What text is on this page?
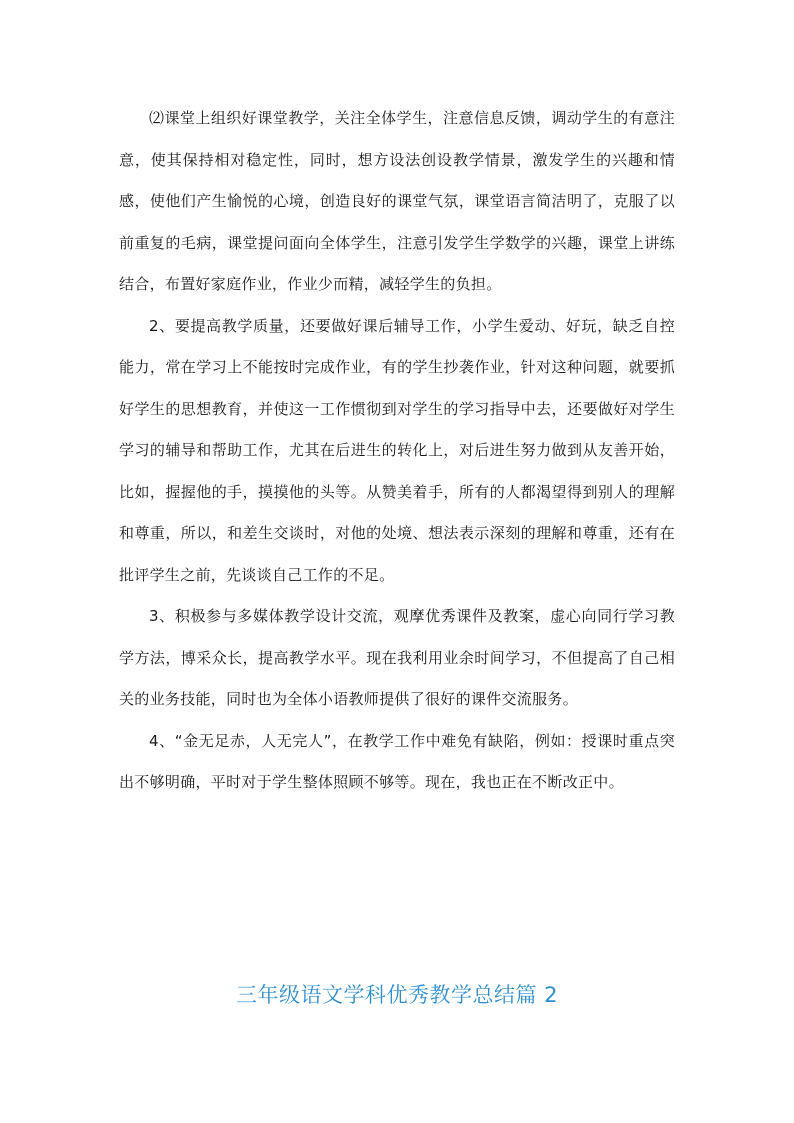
⑵课堂上组织好课堂教学，关注全体学生，注意信息反馈，调动学生的有意注意，使其保持相对稳定性，同时，想方设法创设教学情景，激发学生的兴趣和情感，使他们产生愉悦的心境，创造良好的课堂气氛，课堂语言简洁明了，克服了以前重复的毛病，课堂提问面向全体学生，注意引发学生学数学的兴趣，课堂上讲练结合，布置好家庭作业，作业少而精，减轻学生的负担。

2、要提高教学质量，还要做好课后辅导工作，小学生爱动、好玩，缺乏自控能力，常在学习上不能按时完成作业，有的学生抄袭作业，针对这种问题，就要抓好学生的思想教育，并使这一工作惯彻到对学生的学习指导中去，还要做好对学生学习的辅导和帮助工作，尤其在后进生的转化上，对后进生努力做到从友善开始，比如，握握他的手，摸摸他的头等。从赞美着手，所有的人都渴望得到别人的理解和尊重，所以，和差生交谈时，对他的处境、想法表示深刻的理解和尊重，还有在批评学生之前，先谈谈自己工作的不足。

3、积极参与多媒体教学设计交流，观摩优秀课件及教案，虚心向同行学习教学方法，博采众长，提高教学水平。现在我利用业余时间学习，不但提高了自己相关的业务技能，同时也为全体小语教师提供了很好的课件交流服务。

4、“金无足赤，人无完人”，在教学工作中难免有缺陷，例如：授课时重点突出不够明确，平时对于学生整体照顾不够等。现在，我也正在不断改正中。

三年级语文学科优秀教学总结篇 2
